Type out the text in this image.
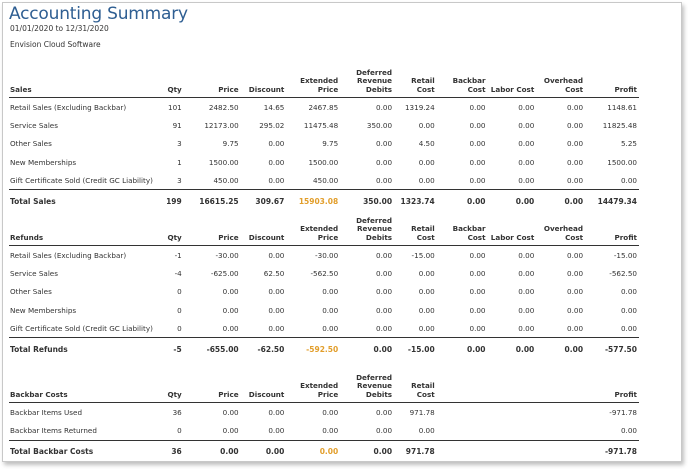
Accounting Summary
01/01/2020 to 12/31/2020
Envision Cloud Software
Sales	Qty	Price	Discount	Extended Price	Deferred Revenue Debits	Retail Cost	Backbar Cost	Labor Cost	Overhead Cost	Profit
Retail Sales (Excluding Backbar)	101	2482.50	14.65	2467.85	0.00	1319.24	0.00	0.00	0.00	1148.61
Service Sales	91	12173.00	295.02	11475.48	350.00	0.00	0.00	0.00	0.00	11825.48
Other Sales	3	9.75	0.00	9.75	0.00	4.50	0.00	0.00	0.00	5.25
New Memberships	1	1500.00	0.00	1500.00	0.00	0.00	0.00	0.00	0.00	1500.00
Gift Certificate Sold (Credit GC Liability)	3	450.00	0.00	450.00	0.00	0.00	0.00	0.00	0.00	0.00
Total Sales	199	16615.25	309.67	15903.08	350.00	1323.74	0.00	0.00	0.00	14479.34
Refunds	Qty	Price	Discount	Extended Price	Deferred Revenue Debits	Retail Cost	Backbar Cost	Labor Cost	Overhead Cost	Profit
Retail Sales (Excluding Backbar)	-1	-30.00	0.00	-30.00	0.00	-15.00	0.00	0.00	0.00	-15.00
Service Sales	-4	-625.00	62.50	-562.50	0.00	0.00	0.00	0.00	0.00	-562.50
Other Sales	0	0.00	0.00	0.00	0.00	0.00	0.00	0.00	0.00	0.00
New Memberships	0	0.00	0.00	0.00	0.00	0.00	0.00	0.00	0.00	0.00
Gift Certificate Sold (Credit GC Liability)	0	0.00	0.00	0.00	0.00	0.00	0.00	0.00	0.00	0.00
Total Refunds	-5	-655.00	-62.50	-592.50	0.00	-15.00	0.00	0.00	0.00	-577.50
Backbar Costs	Qty	Price	Discount	Extended Price	Deferred Revenue Debits	Retail Cost				Profit
Backbar Items Used	36	0.00	0.00	0.00	0.00	971.78				-971.78
Backbar Items Returned	0	0.00	0.00	0.00	0.00	0.00				0.00
Total Backbar Costs	36	0.00	0.00	0.00	0.00	971.78				-971.78
